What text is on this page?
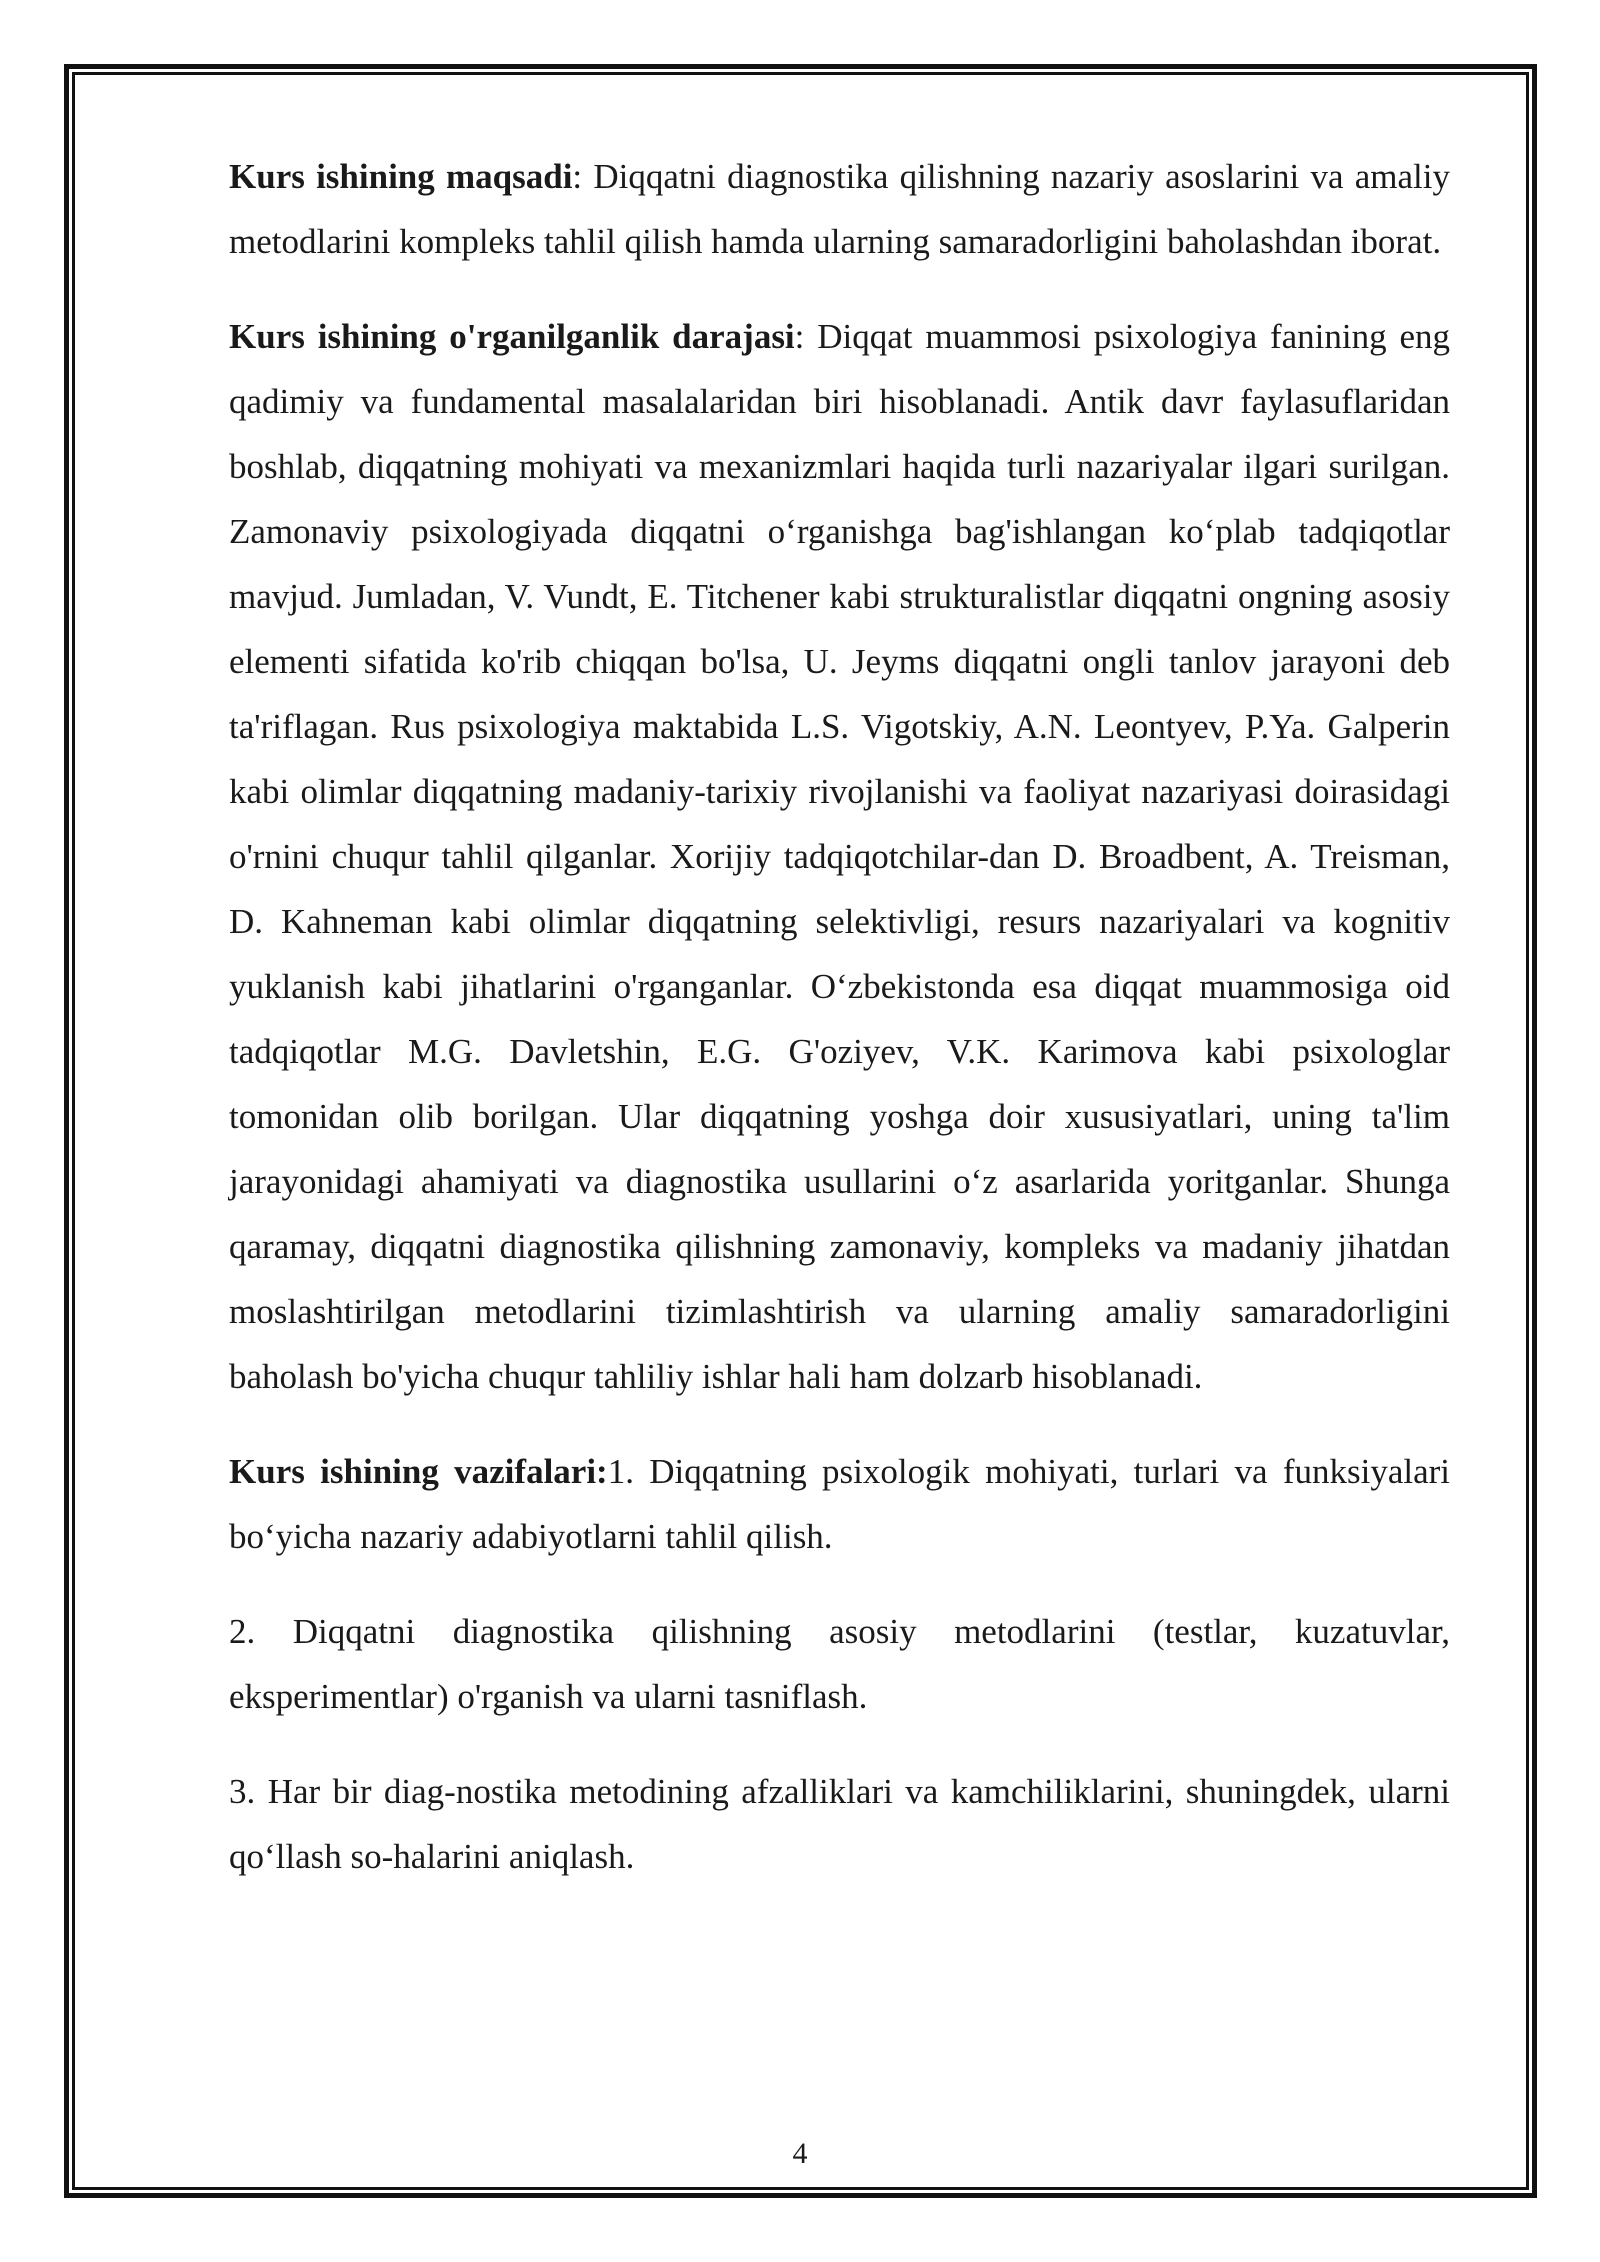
Kurs ishining maqsadi: Diqqatni diagnostika qilishning nazariy asoslarini va amaliy metodlarini kompleks tahlil qilish hamda ularning samaradorligini baholashdan iborat.

Kurs ishining o'rganilganlik darajasi: Diqqat muammosi psixologiya fanining eng qadimiy va fundamental masalalaridan biri hisoblanadi. Antik davr faylasuflaridan boshlab, diqqatning mohiyati va mexanizmlari haqida turli nazariyalar ilgari surilgan. Zamonaviy psixologiyada diqqatni o‘rganishga bag'ishlangan ko‘plab tadqiqotlar mavjud. Jumladan, V. Vundt, E. Titchener kabi strukturalistlar diqqatni ongning asosiy elementi sifatida ko'rib chiqqan bo'lsa, U. Jeyms diqqatni ongli tanlov jarayoni deb ta'riflagan. Rus psixologiya maktabida L.S. Vigotskiy, A.N. Leontyev, P.Ya. Galperin kabi olimlar diqqatning madaniy-tarixiy rivojlanishi va faoliyat nazariyasi doirasidagi o'rnini chuqur tahlil qilganlar. Xorijiy tadqiqotchilar-dan D. Broadbent, A. Treisman, D. Kahneman kabi olimlar diqqatning selektivligi, resurs nazariyalari va kognitiv yuklanish kabi jihatlarini o'rganganlar. O‘zbekistonda esa diqqat muammosiga oid tadqiqotlar M.G. Davletshin, E.G. G'oziyev, V.K. Karimova kabi psixologlar tomonidan olib borilgan. Ular diqqatning yoshga doir xususiyatlari, uning ta'lim jarayonidagi ahamiyati va diagnostika usullarini o‘z asarlarida yoritganlar. Shunga qaramay, diqqatni diagnostika qilishning zamonaviy, kompleks va madaniy jihatdan moslashtirilgan metodlarini tizimlashtirish va ularning amaliy samaradorligini baholash bo'yicha chuqur tahliliy ishlar hali ham dolzarb hisoblanadi.

Kurs ishining vazifalari:1. Diqqatning psixologik mohiyati, turlari va funksiyalari bo‘yicha nazariy adabiyotlarni tahlil qilish.

2. Diqqatni diagnostika qilishning asosiy metodlarini (testlar, kuzatuvlar, eksperimentlar) o'rganish va ularni tasniflash.

3. Har bir diag-nostika metodining afzalliklari va kamchiliklarini, shuningdek, ularni qo‘llash so-halarini aniqlash.

4
